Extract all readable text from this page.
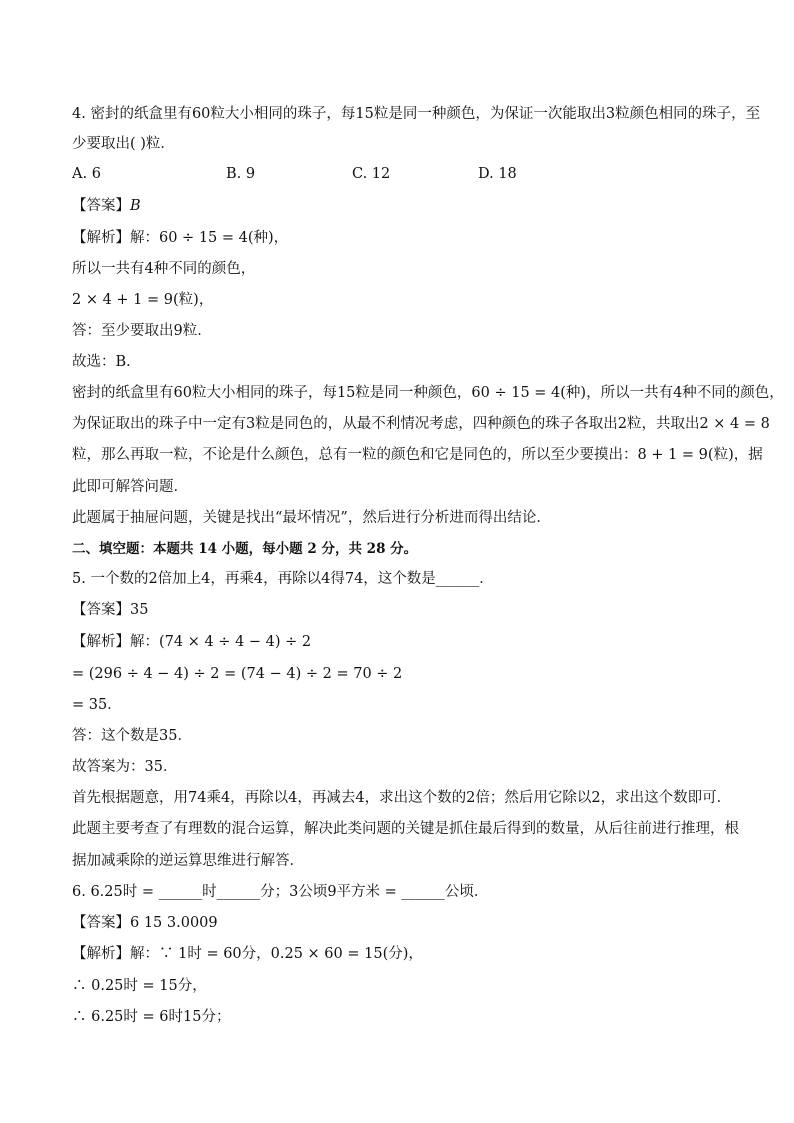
4. 密封的纸盒里有60粒大小相同的珠子，每15粒是同一种颜色，为保证一次能取出3粒颜色相同的珠子，至
少要取出( )粒．
A. 6	B. 9	C. 12	D. 18
【答案】B
【解析】解：60 ÷ 15 = 4(种)，
所以一共有4种不同的颜色，
2 × 4 + 1 = 9(粒)，
答：至少要取出9粒．
故选：B．
密封的纸盒里有60粒大小相同的珠子，每15粒是同一种颜色，60 ÷ 15 = 4(种)，所以一共有4种不同的颜色，
为保证取出的珠子中一定有3粒是同色的，从最不利情况考虑，四种颜色的珠子各取出2粒，共取出2 × 4 = 8
粒，那么再取一粒，不论是什么颜色，总有一粒的颜色和它是同色的，所以至少要摸出：8 + 1 = 9(粒)，据
此即可解答问题．
此题属于抽屉问题，关键是找出“最坏情况”，然后进行分析进而得出结论．
二、填空题：本题共 14 小题，每小题 2 分，共 28 分。
5. 一个数的2倍加上4，再乘4，再除以4得74，这个数是______．
【答案】35
【解析】解：(74 × 4 ÷ 4 − 4) ÷ 2
= (296 ÷ 4 − 4) ÷ 2 = (74 − 4) ÷ 2 = 70 ÷ 2
= 35．
答：这个数是35．
故答案为：35．
首先根据题意，用74乘4，再除以4，再减去4，求出这个数的2倍；然后用它除以2，求出这个数即可．
此题主要考查了有理数的混合运算，解决此类问题的关键是抓住最后得到的数量，从后往前进行推理，根
据加减乘除的逆运算思维进行解答．
6. 6.25时 = ______时______分；3公顷9平方米 = ______公顷．
【答案】6 15 3.0009
【解析】解：∵ 1时 = 60分，0.25 × 60 = 15(分)，
∴ 0.25时 = 15分，
∴ 6.25时 = 6时15分；
